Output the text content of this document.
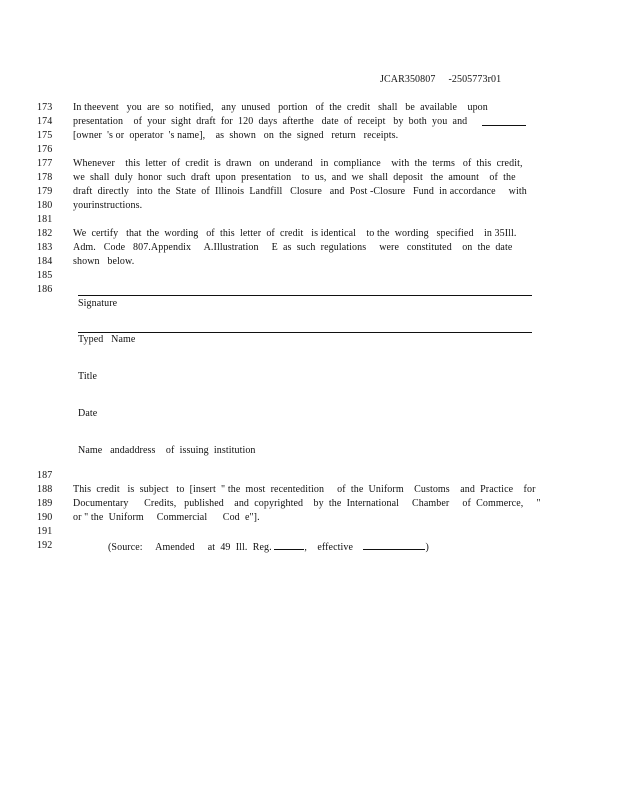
JCAR350807 -2505773r01
173	In theevent   you  are  so  notified,   any  unused   portion   of  the  credit   shall   be  available    upon
174	presentation    of  your  sight  draft  for  120  days  afterthe   date  of  receipt   by  both  you  and
175	[owner  's or  operator  's name],    as  shown   on  the  signed   return   receipts.
176
177	Whenever    this  letter  of  credit  is  drawn   on  underand   in  compliance    with  the  terms   of  this  credit,
178	we  shall  duly  honor  such  draft  upon  presentation    to  us,  and  we  shall  deposit   the  amount    of  the
179	draft  directly   into  the  State  of  Illinois  Landfill   Closure   and  Post -Closure   Fund  in accordance     with
180	yourinstructions.
181
182	We  certify   that  the  wording   of  this  letter  of  credit   is identical    to the  wording   specified    in 35Ill.
183	Adm.   Code   807.Appendix     A.Illustration     E  as  such  regulations     were   constituted    on  the  date
184	shown   below.
185
186
Signature
Typed   Name
Title
Date
Name   andaddress    of  issuing  institution
187
188	This  credit   is  subject   to  [insert  " the  most  recentedition     of  the  Uniform    Customs    and  Practice    for
189	Documentary      Credits,   published    and  copyrighted    by  the  International     Chamber     of  Commerce,     "
190	or " the  Uniform     Commercial      Cod  e"].
191
192	(Source:     Amended     at  49  Ill.  Reg.	, effective	)
